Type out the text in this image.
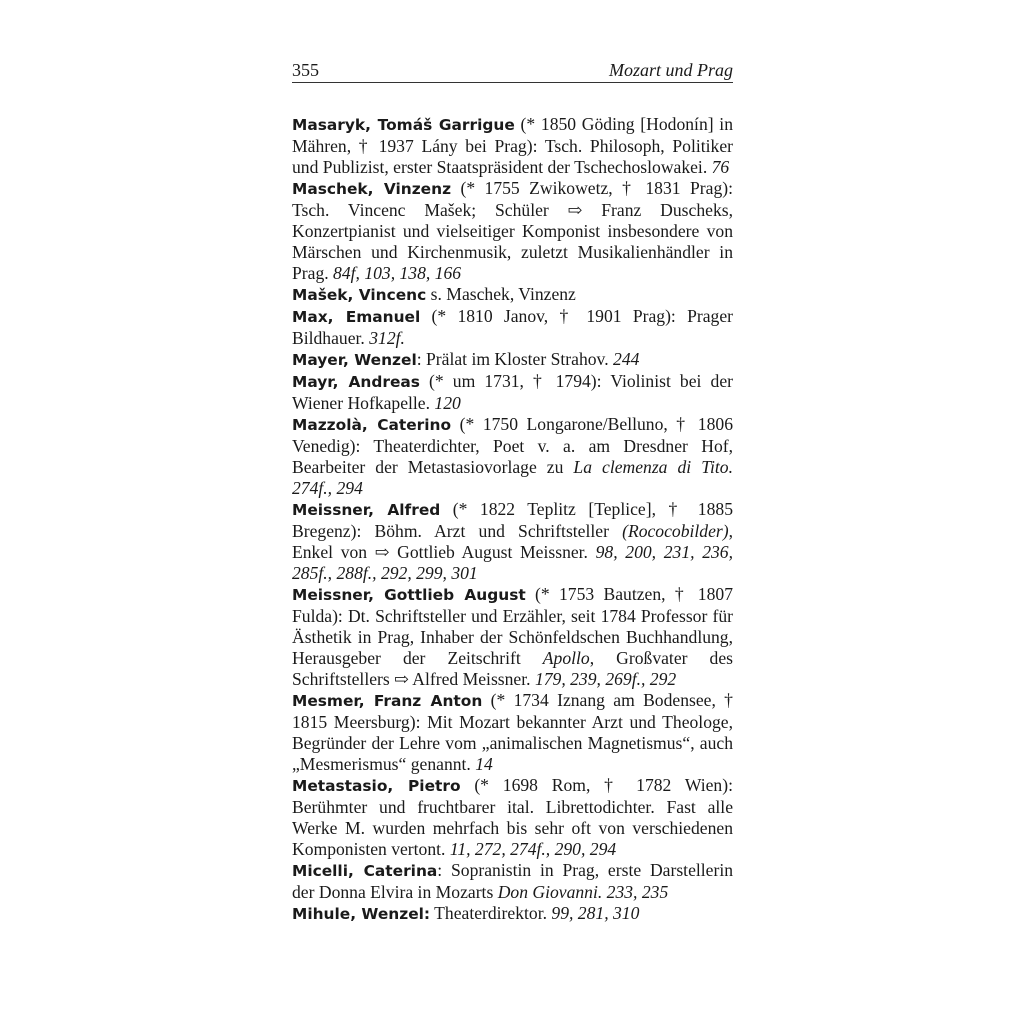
355	Mozart und Prag

Masaryk, Tomáš Garrigue (* 1850 Göding [Hodonín] in Mähren, † 1937 Lány bei Prag): Tsch. Philosoph, Politiker und Publizist, erster Staatspräsident der Tschechoslowakei. 76

Maschek, Vinzenz (* 1755 Zwikowetz, † 1831 Prag): Tsch. Vincenc Mašek; Schüler ⇨ Franz Duscheks, Konzertpianist und vielseitiger Komponist insbesondere von Märschen und Kirchenmusik, zuletzt Musikalienhändler in Prag. 84f, 103, 138, 166

Mašek, Vincenc s. Maschek, Vinzenz

Max, Emanuel (* 1810 Janov, † 1901 Prag): Prager Bildhauer. 312f.

Mayer, Wenzel: Prälat im Kloster Strahov. 244

Mayr, Andreas (* um 1731, † 1794): Violinist bei der Wiener Hofkapelle. 120

Mazzolà, Caterino (* 1750 Longarone/Belluno, † 1806 Venedig): Theaterdichter, Poet v. a. am Dresdner Hof, Bearbeiter der Metastasiovorlage zu La clemenza di Tito. 274f., 294

Meissner, Alfred (* 1822 Teplitz [Teplice], † 1885 Bregenz): Böhm. Arzt und Schriftsteller (Rococobilder), Enkel von ⇨ Gottlieb August Meissner. 98, 200, 231, 236, 285f., 288f., 292, 299, 301

Meissner, Gottlieb August (* 1753 Bautzen, † 1807 Fulda): Dt. Schriftsteller und Erzähler, seit 1784 Professor für Ästhetik in Prag, Inhaber der Schönfeldschen Buchhandlung, Herausgeber der Zeitschrift Apollo, Großvater des Schriftstellers ⇨ Alfred Meissner. 179, 239, 269f., 292

Mesmer, Franz Anton (* 1734 Iznang am Bodensee, † 1815 Meersburg): Mit Mozart bekannter Arzt und Theologe, Begründer der Lehre vom „animalischen Magnetismus“, auch „Mesmerismus“ genannt. 14

Metastasio, Pietro (* 1698 Rom, † 1782 Wien): Berühmter und fruchtbarer ital. Librettodichter. Fast alle Werke M. wurden mehrfach bis sehr oft von verschiedenen Komponisten vertont. 11, 272, 274f., 290, 294

Micelli, Caterina: Sopranistin in Prag, erste Darstellerin der Donna Elvira in Mozarts Don Giovanni. 233, 235

Mihule, Wenzel: Theaterdirektor. 99, 281, 310
